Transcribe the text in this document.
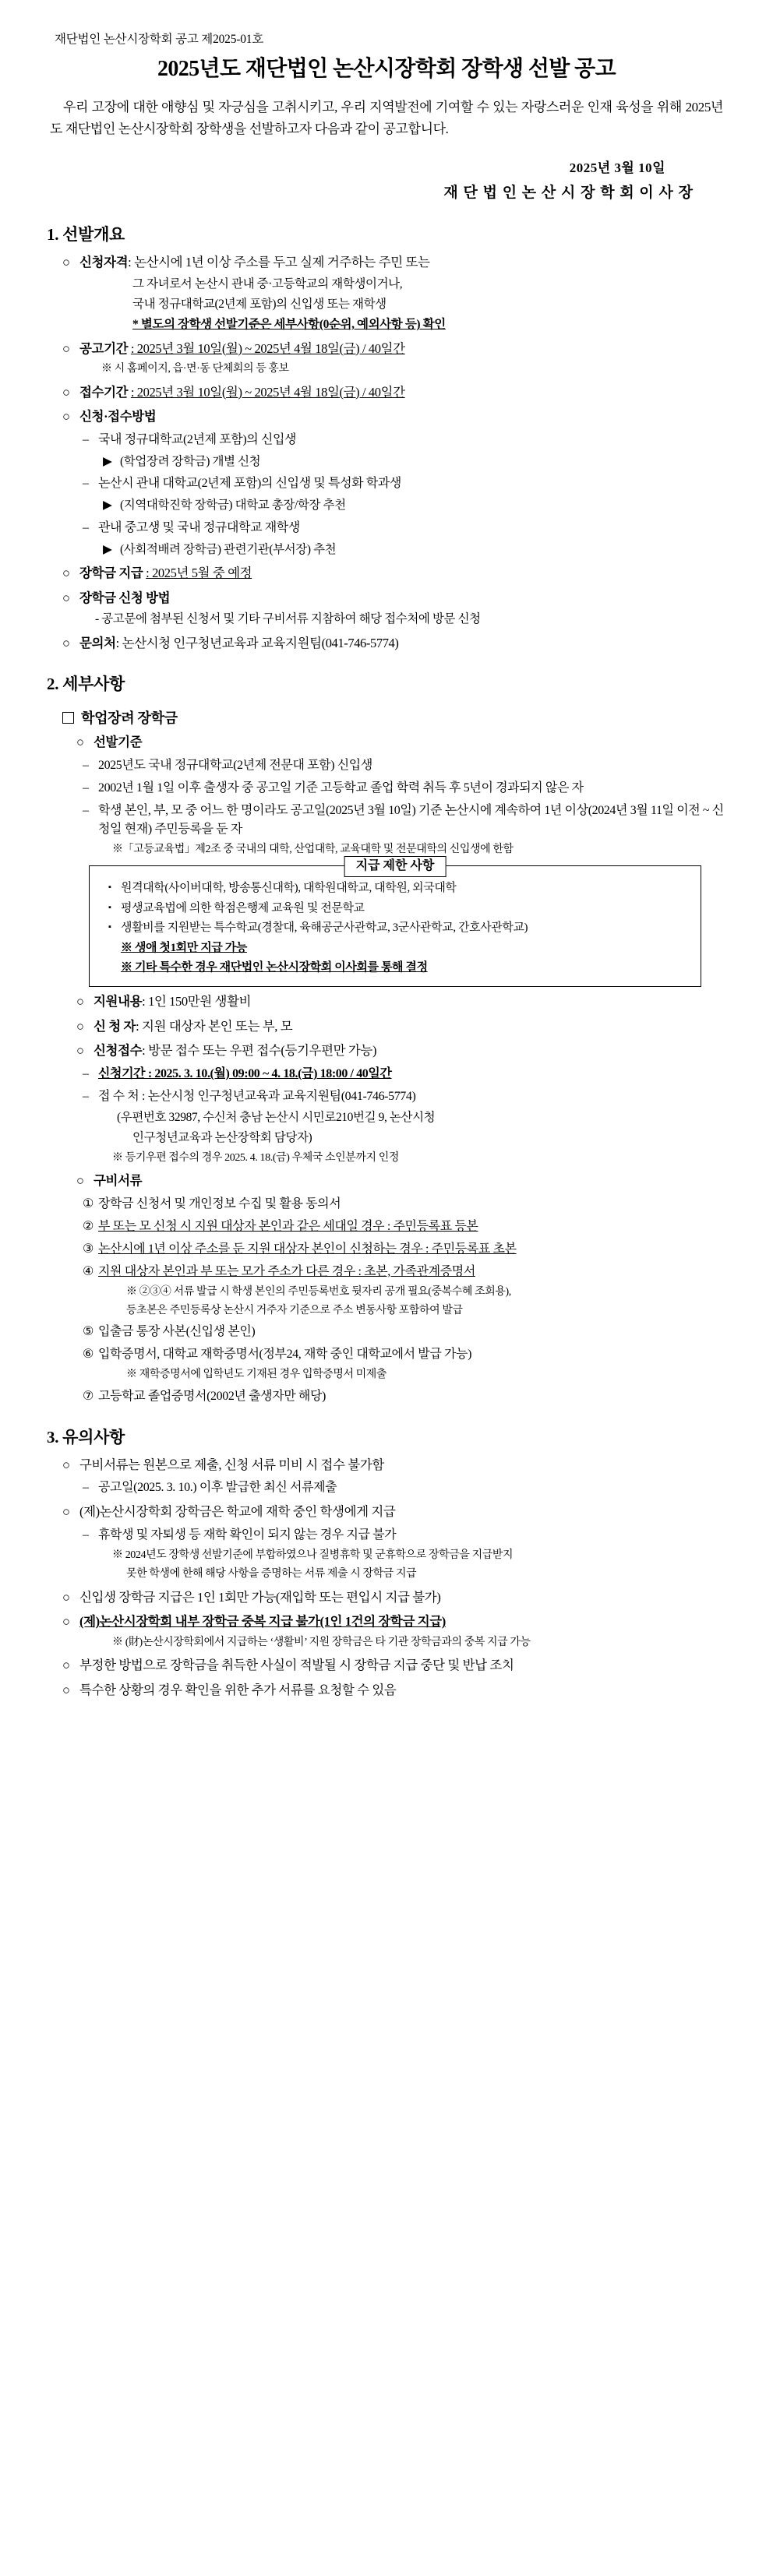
재단법인 논산시장학회 공고 제2025-01호
2025년도 재단법인 논산시장학회 장학생 선발 공고
우리 고장에 대한 애향심 및 자긍심을 고취시키고, 우리 지역발전에 기여할 수 있는 자랑스러운 인재 육성을 위해 2025년도 재단법인 논산시장학회 장학생을 선발하고자 다음과 같이 공고합니다.
2025년 3월 10일
재 단 법 인 논 산 시 장 학 회 이 사 장
1. 선발개요
○ 신청자격: 논산시에 1년 이상 주소를 두고 실제 거주하는 주민 또는
그 자녀로서 논산시 관내 중·고등학교의 재학생이거나,
국내 정규대학교(2년제 포함)의 신입생 또는 재학생
* 별도의 장학생 선발기준은 세부사항(0순위, 예외사항 등) 확인
○ 공고기간 : 2025년 3월 10일(월) ~ 2025년 4월 18일(금) / 40일간
※ 시 홈페이지, 읍·면·동 단체회의 등 홍보
○ 접수기간 : 2025년 3월 10일(월) ~ 2025년 4월 18일(금) / 40일간
○ 신청·접수방법
– 국내 정규대학교(2년제 포함)의 신입생
▶ (학업장려 장학금) 개별 신청
– 논산시 관내 대학교(2년제 포함)의 신입생 및 특성화 학과생
▶ (지역대학진학 장학금) 대학교 총장/학장 추천
– 관내 중고생 및 국내 정규대학교 재학생
▶ (사회적배려 장학금) 관련기관(부서장) 추천
○ 장학금 지급 : 2025년 5월 중 예정
○ 장학금 신청 방법
- 공고문에 첨부된 신청서 및 기타 구비서류 지참하여 해당 접수처에 방문 신청
○ 문의처: 논산시청 인구청년교육과 교육지원팀(041-746-5774)
2. 세부사항
학업장려 장학금
○ 선발기준
– 2025년도 국내 정규대학교(2년제 전문대 포함) 신입생
– 2002년 1월 1일 이후 출생자 중 공고일 기준 고등학교 졸업 학력 취득 후 5년이 경과되지 않은 자
– 학생 본인, 부, 모 중 어느 한 명이라도 공고일(2025년 3월 10일) 기준 논산시에 계속하여 1년 이상(2024년 3월 11일 이전 ~ 신청일 현재) 주민등록을 둔 자
※「고등교육법」제2조 중 국내의 대학, 산업대학, 교육대학 및 전문대학의 신입생에 한함
지급 제한 사항
▪ 원격대학(사이버대학, 방송통신대학), 대학원대학교, 대학원, 외국대학
▪ 평생교육법에 의한 학점은행제 교육원 및 전문학교
▪ 생활비를 지원받는 특수학교(경찰대, 육해공군사관학교, 3군사관학교, 간호사관학교)
※ 생애 첫1회만 지급 가능
※ 기타 특수한 경우 재단법인 논산시장학회 이사회를 통해 결정
○ 지원내용: 1인 150만원 생활비
○ 신 청 자: 지원 대상자 본인 또는 부, 모
○ 신청접수: 방문 접수 또는 우편 접수(등기우편만 가능)
– 신청기간 : 2025. 3. 10.(월) 09:00 ~ 4. 18.(금) 18:00 / 40일간
– 접 수 처 : 논산시청 인구청년교육과 교육지원팀(041-746-5774)
(우편번호 32987, 수신처 충남 논산시 시민로210번길 9, 논산시청
인구청년교육과 논산장학회 담당자)
※ 등기우편 접수의 경우 2025. 4. 18.(금) 우체국 소인분까지 인정
○ 구비서류
① 장학금 신청서 및 개인정보 수집 및 활용 동의서
② 부 또는 모 신청 시 지원 대상자 본인과 같은 세대일 경우 : 주민등록표 등본
③ 논산시에 1년 이상 주소를 둔 지원 대상자 본인이 신청하는 경우 : 주민등록표 초본
④ 지원 대상자 본인과 부 또는 모가 주소가 다른 경우 : 초본, 가족관계증명서
※ ②③④ 서류 발급 시 학생 본인의 주민등록번호 뒷자리 공개 필요(중복수혜 조회용),
등초본은 주민등록상 논산시 거주자 기준으로 주소 변동사항 포함하여 발급
⑤ 입출금 통장 사본(신입생 본인)
⑥ 입학증명서, 대학교 재학증명서(정부24, 재학 중인 대학교에서 발급 가능)
※ 재학증명서에 입학년도 기재된 경우 입학증명서 미제출
⑦ 고등학교 졸업증명서(2002년 출생자만 해당)
3. 유의사항
○ 구비서류는 원본으로 제출, 신청 서류 미비 시 접수 불가함
– 공고일(2025. 3. 10.) 이후 발급한 최신 서류제출
○ (제)논산시장학회 장학금은 학교에 재학 중인 학생에게 지급
– 휴학생 및 자퇴생 등 재학 확인이 되지 않는 경우 지급 불가
※ 2024년도 장학생 선발기준에 부합하였으나 질병휴학 및 군휴학으로 장학금을 지급받지
못한 학생에 한해 해당 사항을 증명하는 서류 제출 시 장학금 지급
○ 신입생 장학금 지급은 1인 1회만 가능(재입학 또는 편입시 지급 불가)
○ (제)논산시장학회 내부 장학금 중복 지급 불가(1인 1건의 장학금 지급)
※ (財)논산시장학회에서 지급하는 ‘생활비’ 지원 장학금은 타 기관 장학금과의 중복 지급 가능
○ 부정한 방법으로 장학금을 취득한 사실이 적발될 시 장학금 지급 중단 및 반납 조치
○ 특수한 상황의 경우 확인을 위한 추가 서류를 요청할 수 있음
